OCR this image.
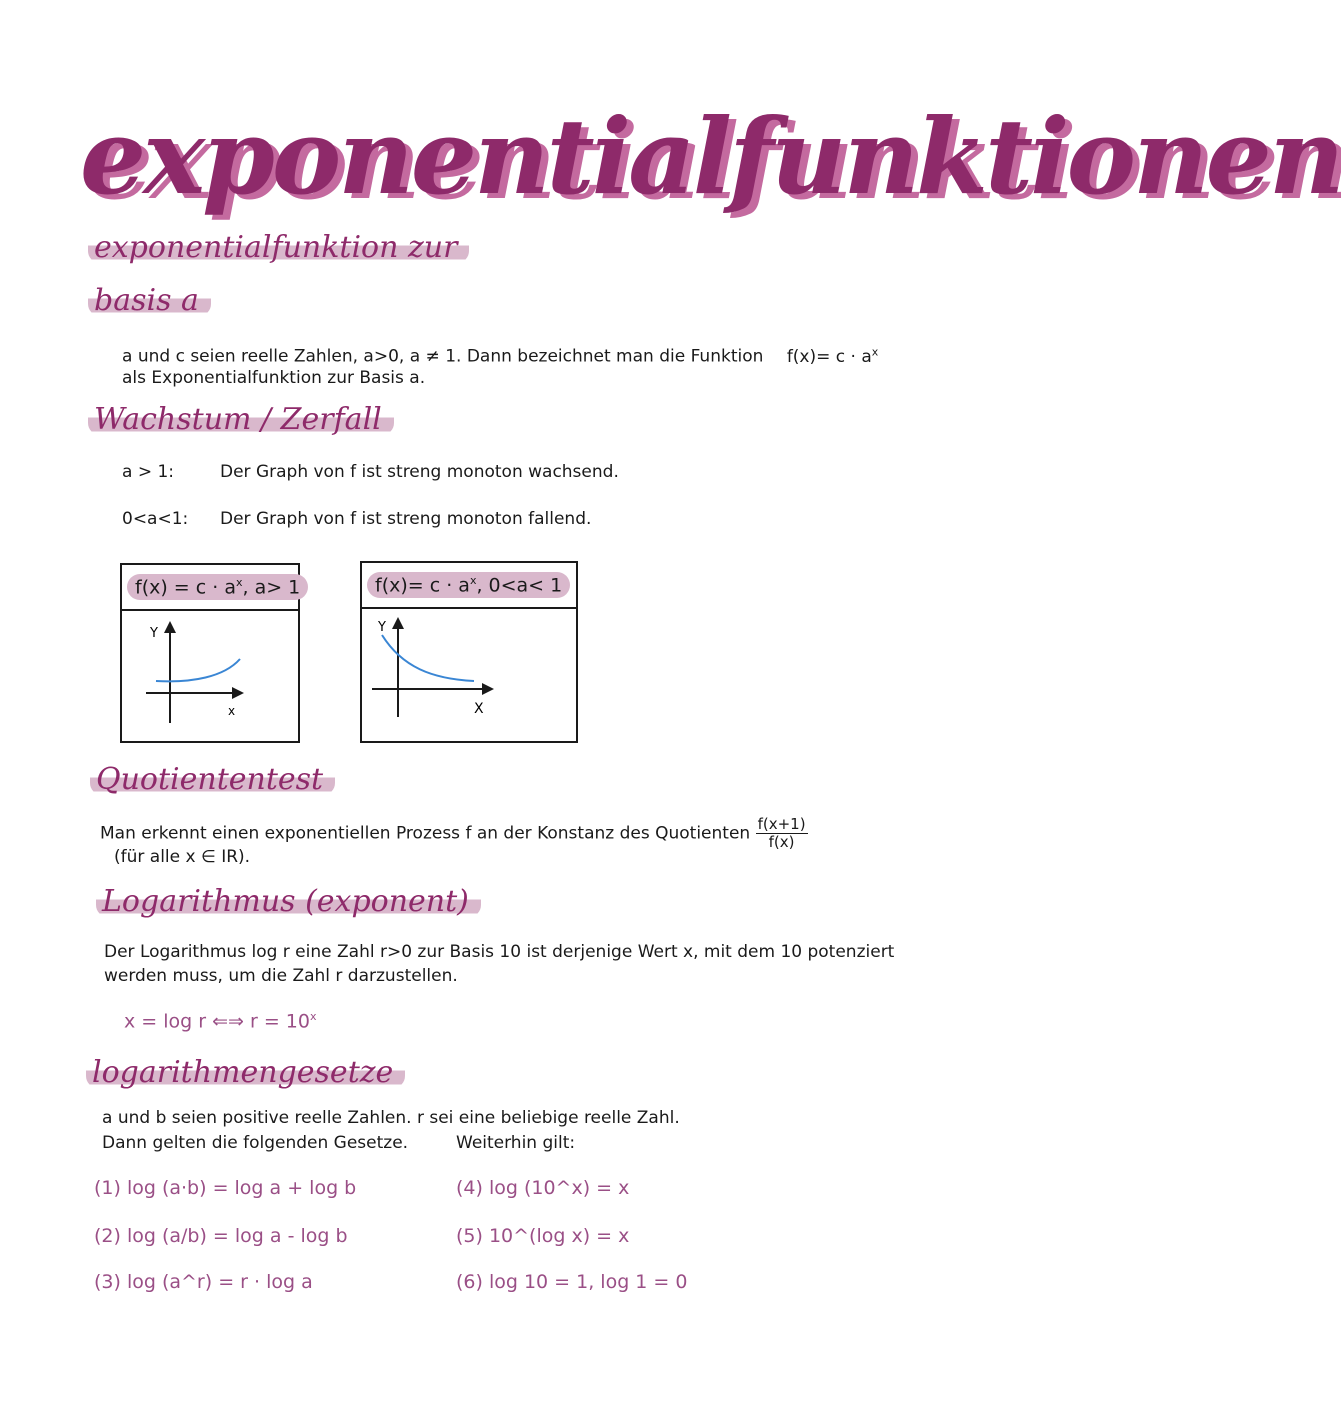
exponentialfunktionen
exponentialfunktion zur
basis a
a und c seien reelle Zahlen, a>0, a ≠ 1. Dann bezeichnet man die Funktion $f(x)= c \cdot a^x$
als Exponentialfunktion zur Basis a.
Wachstum / Zerfall
a > 1:	Der Graph von f ist streng monoton wachsend.
0<a<1: Der Graph von f ist streng monoton fallend.
$f(x) = c \cdot a^x$, a> 1
Y
x
$f(x)= c \cdot a^x$, 0<a< 1
Y
X
Quotiententest
Man erkennt einen exponentiellen Prozess f an der Konstanz des Quotienten $\frac{f(x+1)}{f(x)}$
(für alle x ∈ IR).
Logarithmus (exponent)
Der Logarithmus log r eine Zahl r>0 zur Basis 10 ist derjenige Wert x, mit dem 10 potenziert
werden muss, um die Zahl r darzustellen.
x = log r ⇐⇒ $r = 10^x$
logarithmengesetze
a und b seien positive reelle Zahlen. r sei eine beliebige reelle Zahl.
Dann gelten die folgenden Gesetze.	Weiterhin gilt:
(1) log (a·b) = log a + log b
(2) log (a/b) = log a - log b
(3) log (a^r) = r · log a
(4) log (10^x) = x
(5) 10^(log x) = x
(6) log 10 = 1, log 1 = 0
